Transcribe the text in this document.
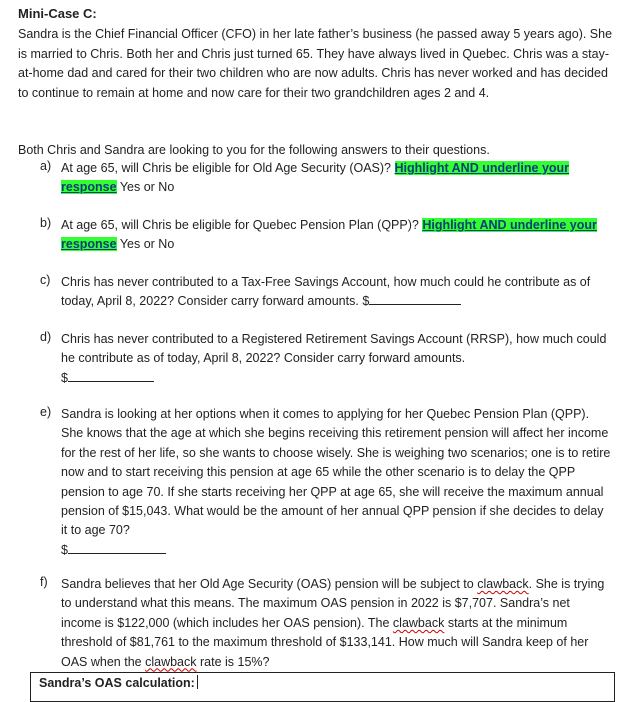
Mini-Case C:
Sandra is the Chief Financial Officer (CFO) in her late father’s business (he passed away 5 years ago). She is married to Chris. Both her and Chris just turned 65. They have always lived in Quebec. Chris was a stay-at-home dad and cared for their two children who are now adults. Chris has never worked and has decided to continue to remain at home and now care for their two grandchildren ages 2 and 4.
Both Chris and Sandra are looking to you for the following answers to their questions.
a) At age 65, will Chris be eligible for Old Age Security (OAS)? Highlight AND underline your response Yes or No
b) At age 65, will Chris be eligible for Quebec Pension Plan (QPP)? Highlight AND underline your response Yes or No
c) Chris has never contributed to a Tax-Free Savings Account, how much could he contribute as of today, April 8, 2022? Consider carry forward amounts. $
d) Chris has never contributed to a Registered Retirement Savings Account (RRSP), how much could he contribute as of today, April 8, 2022? Consider carry forward amounts.
$
e) Sandra is looking at her options when it comes to applying for her Quebec Pension Plan (QPP). She knows that the age at which she begins receiving this retirement pension will affect her income for the rest of her life, so she wants to choose wisely. She is weighing two scenarios; one is to retire now and to start receiving this pension at age 65 while the other scenario is to delay the QPP pension to age 70. If she starts receiving her QPP at age 65, she will receive the maximum annual pension of $15,043. What would be the amount of her annual QPP pension if she decides to delay it to age 70?
$
f) Sandra believes that her Old Age Security (OAS) pension will be subject to clawback. She is trying to understand what this means. The maximum OAS pension in 2022 is $7,707. Sandra’s net income is $122,000 (which includes her OAS pension). The clawback starts at the minimum threshold of $81,761 to the maximum threshold of $133,141. How much will Sandra keep of her OAS when the clawback rate is 15%?
Sandra’s OAS calculation:
